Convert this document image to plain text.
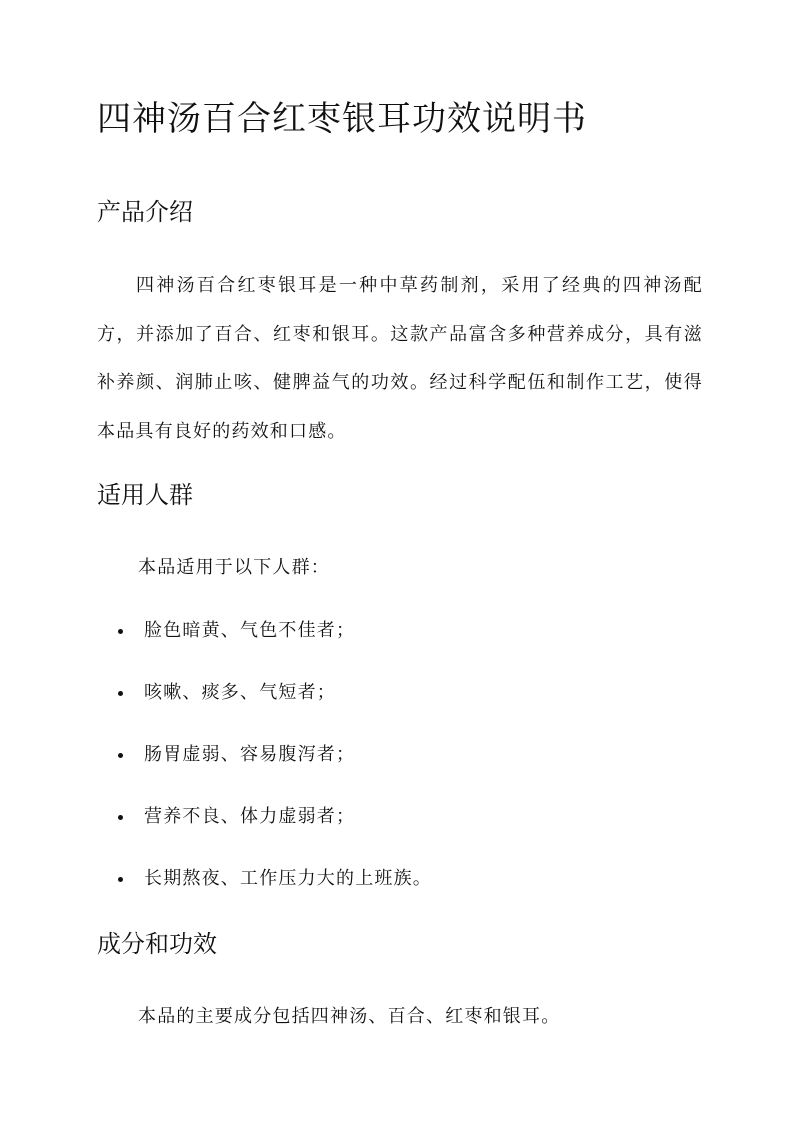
四神汤百合红枣银耳功效说明书
产品介绍

四神汤百合红枣银耳是一种中草药制剂，采用了经典的四神汤配方，并添加了百合、红枣和银耳。这款产品富含多种营养成分，具有滋补养颜、润肺止咳、健脾益气的功效。经过科学配伍和制作工艺，使得本品具有良好的药效和口感。

适用人群

本品适用于以下人群：

脸色暗黄、气色不佳者；
咳嗽、痰多、气短者；
肠胃虚弱、容易腹泻者；
营养不良、体力虚弱者；
长期熬夜、工作压力大的上班族。
成分和功效

本品的主要成分包括四神汤、百合、红枣和银耳。
